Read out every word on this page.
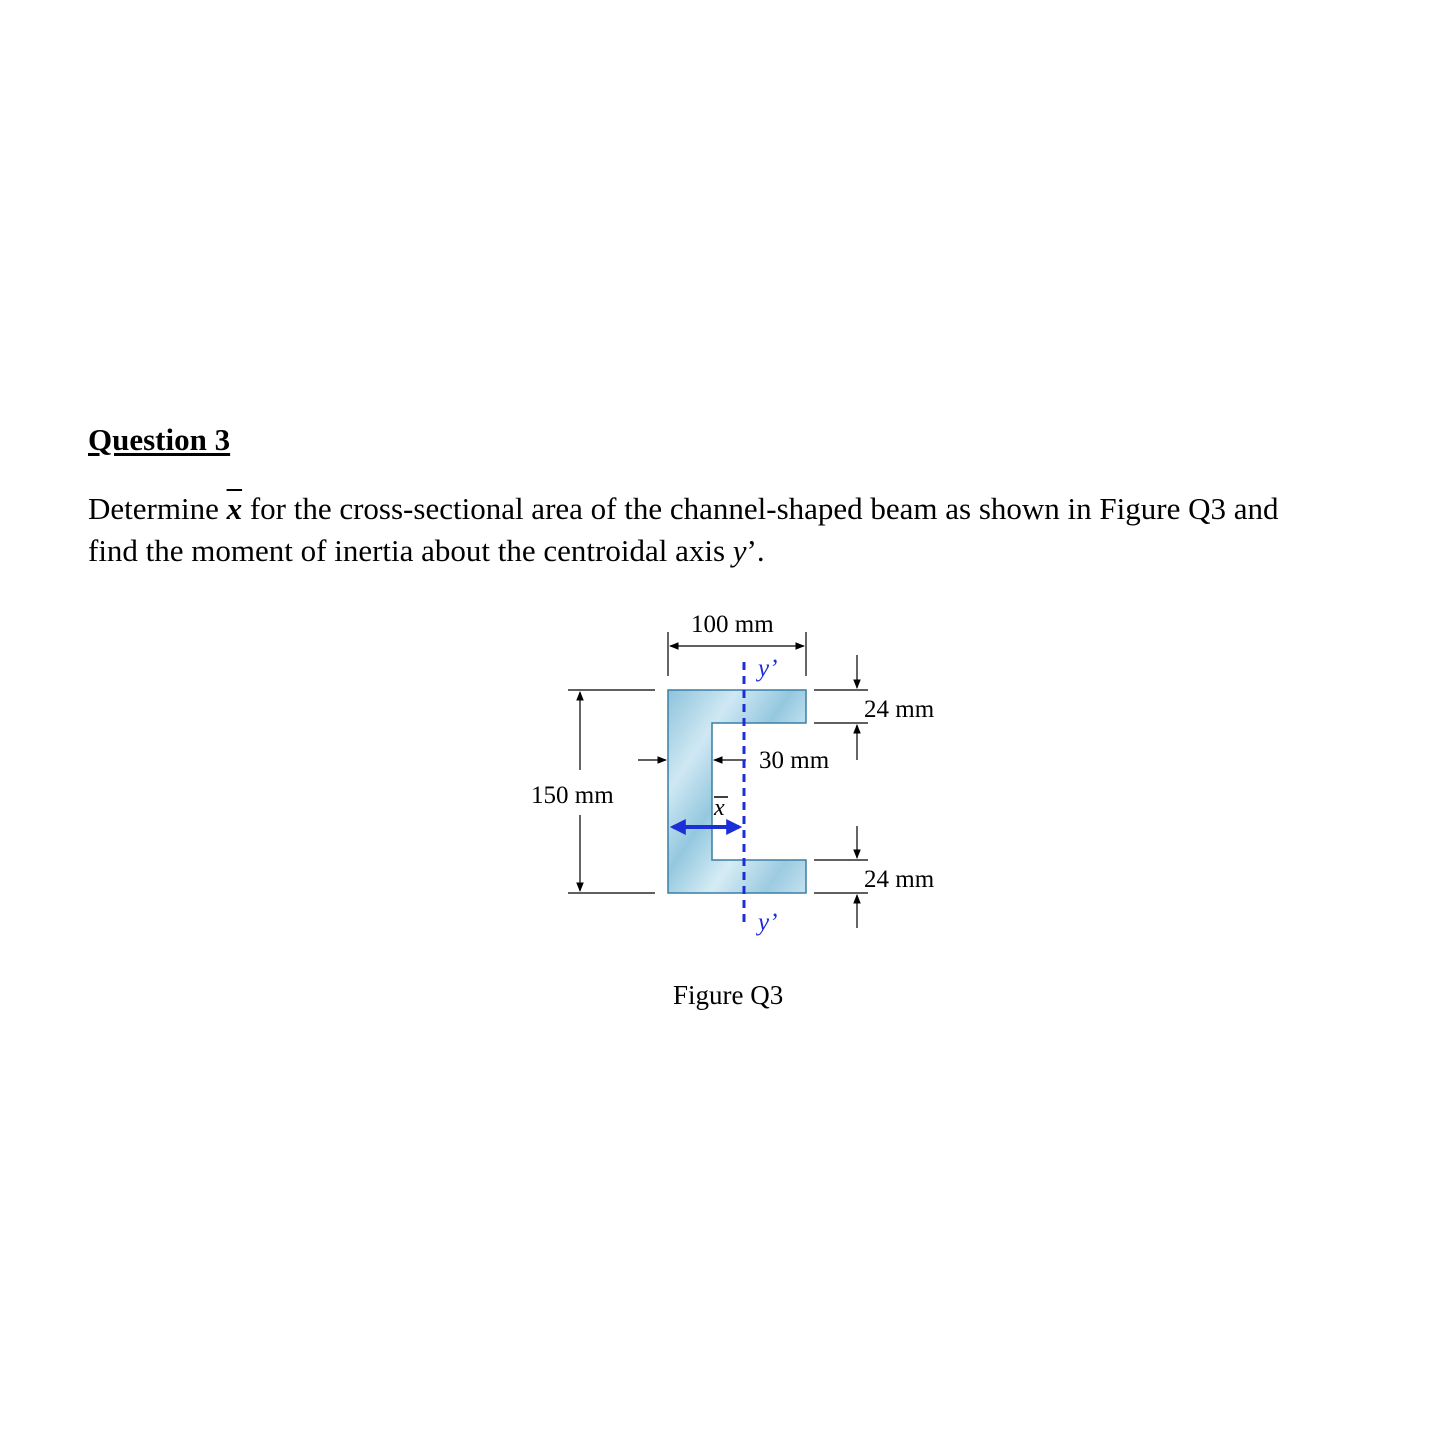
Question 3
Determine $\overline{x}$ for the cross-sectional area of the channel-shaped beam as shown in Figure Q3 and
find the moment of inertia about the centroidal axis y’.
100 mm
150 mm
24 mm
24 mm
30 mm
y’
y’
x
Figure Q3
